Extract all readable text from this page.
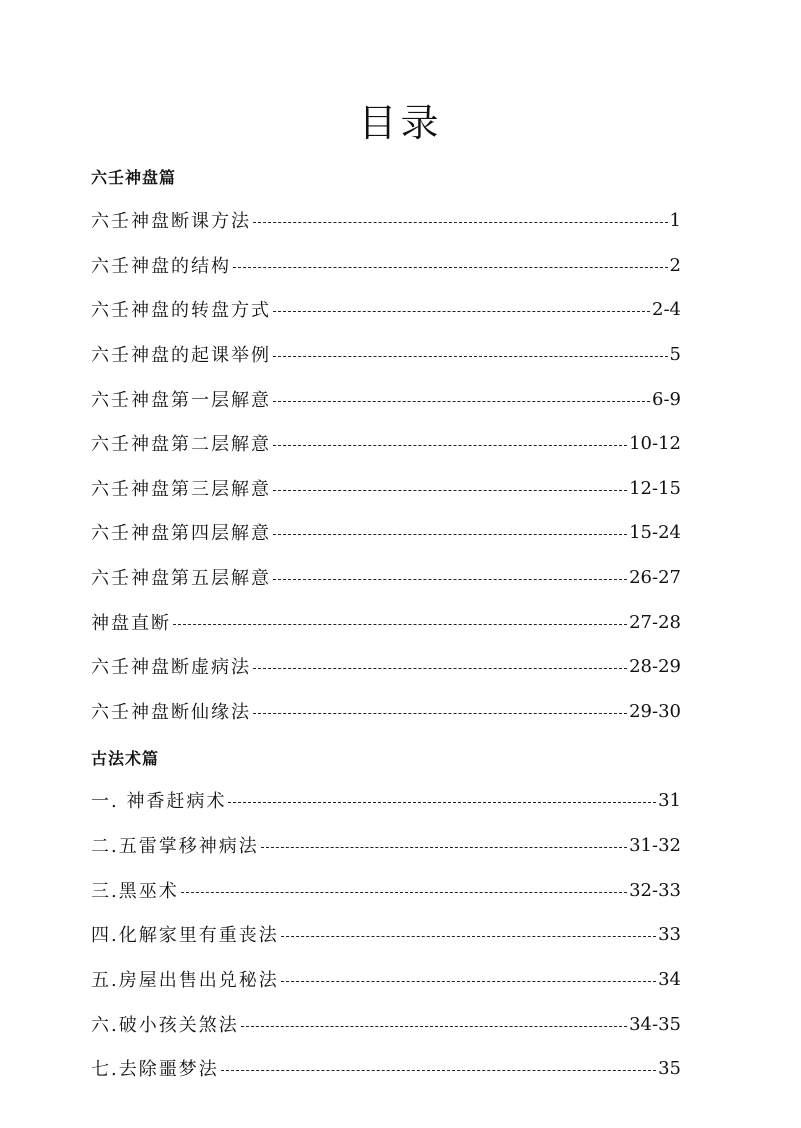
目录
六壬神盘篇
六壬神盘断课方法	1
六壬神盘的结构	2
六壬神盘的转盘方式	2-4
六壬神盘的起课举例	5
六壬神盘第一层解意	6-9
六壬神盘第二层解意	10-12
六壬神盘第三层解意	12-15
六壬神盘第四层解意	15-24
六壬神盘第五层解意	26-27
神盘直断	27-28
六壬神盘断虚病法	28-29
六壬神盘断仙缘法	29-30
古法术篇
一. 神香赶病术	31
二.五雷掌移神病法	31-32
三.黑巫术	32-33
四.化解家里有重丧法	33
五.房屋出售出兑秘法	34
六.破小孩关煞法	34-35
七.去除噩梦法	35
